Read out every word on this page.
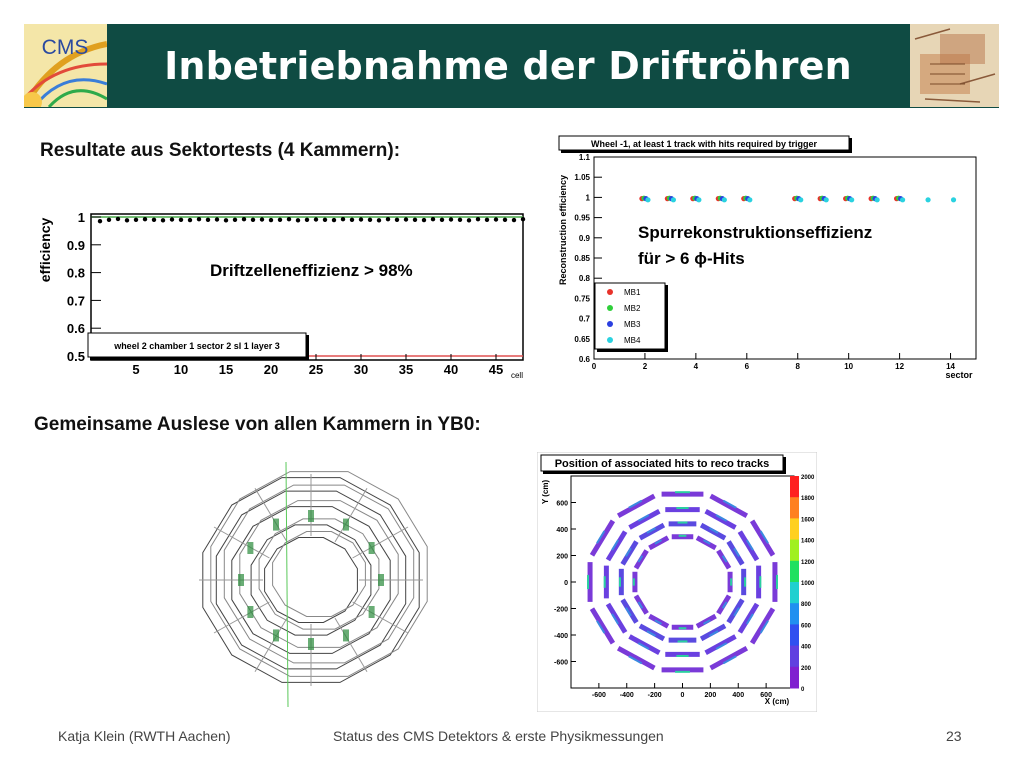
CMS	Inbetriebnahme der Driftröhren
Resultate aus Sektortests (4 Kammern):
Gemeinsame Auslese von allen Kammern in YB0:
0.5
0.6
0.7
0.8
0.9
1
5	10 15 20 25 30 35 40 45
efficiency
cell
Driftzelleneffizienz > 98%
wheel 2 chamber 1 sector 2 sl 1 layer 3
Wheel -1, at least 1 track with hits required by trigger
0.6
0.65
0.7
0.75
0.8
0.85
0.9
0.95
1
1.05
1.1
0	2	4	6	8	10	12	14
Reconstruction efficiency
sector
Spurrekonstruktionseffizienz
für > 6 ϕ-Hits
MB1
MB2
MB3
MB4
Position of associated hits to reco tracks
600
400
200
0
-200
-400
-600
-600 -400 -200	0	200 400 600
2000
1800
1600
1400
1200
1000
800
600
400
200
0
Y (cm)
X (cm)
Katja Klein (RWTH Aachen)	Status des CMS Detektors & erste Physikmessungen	23
